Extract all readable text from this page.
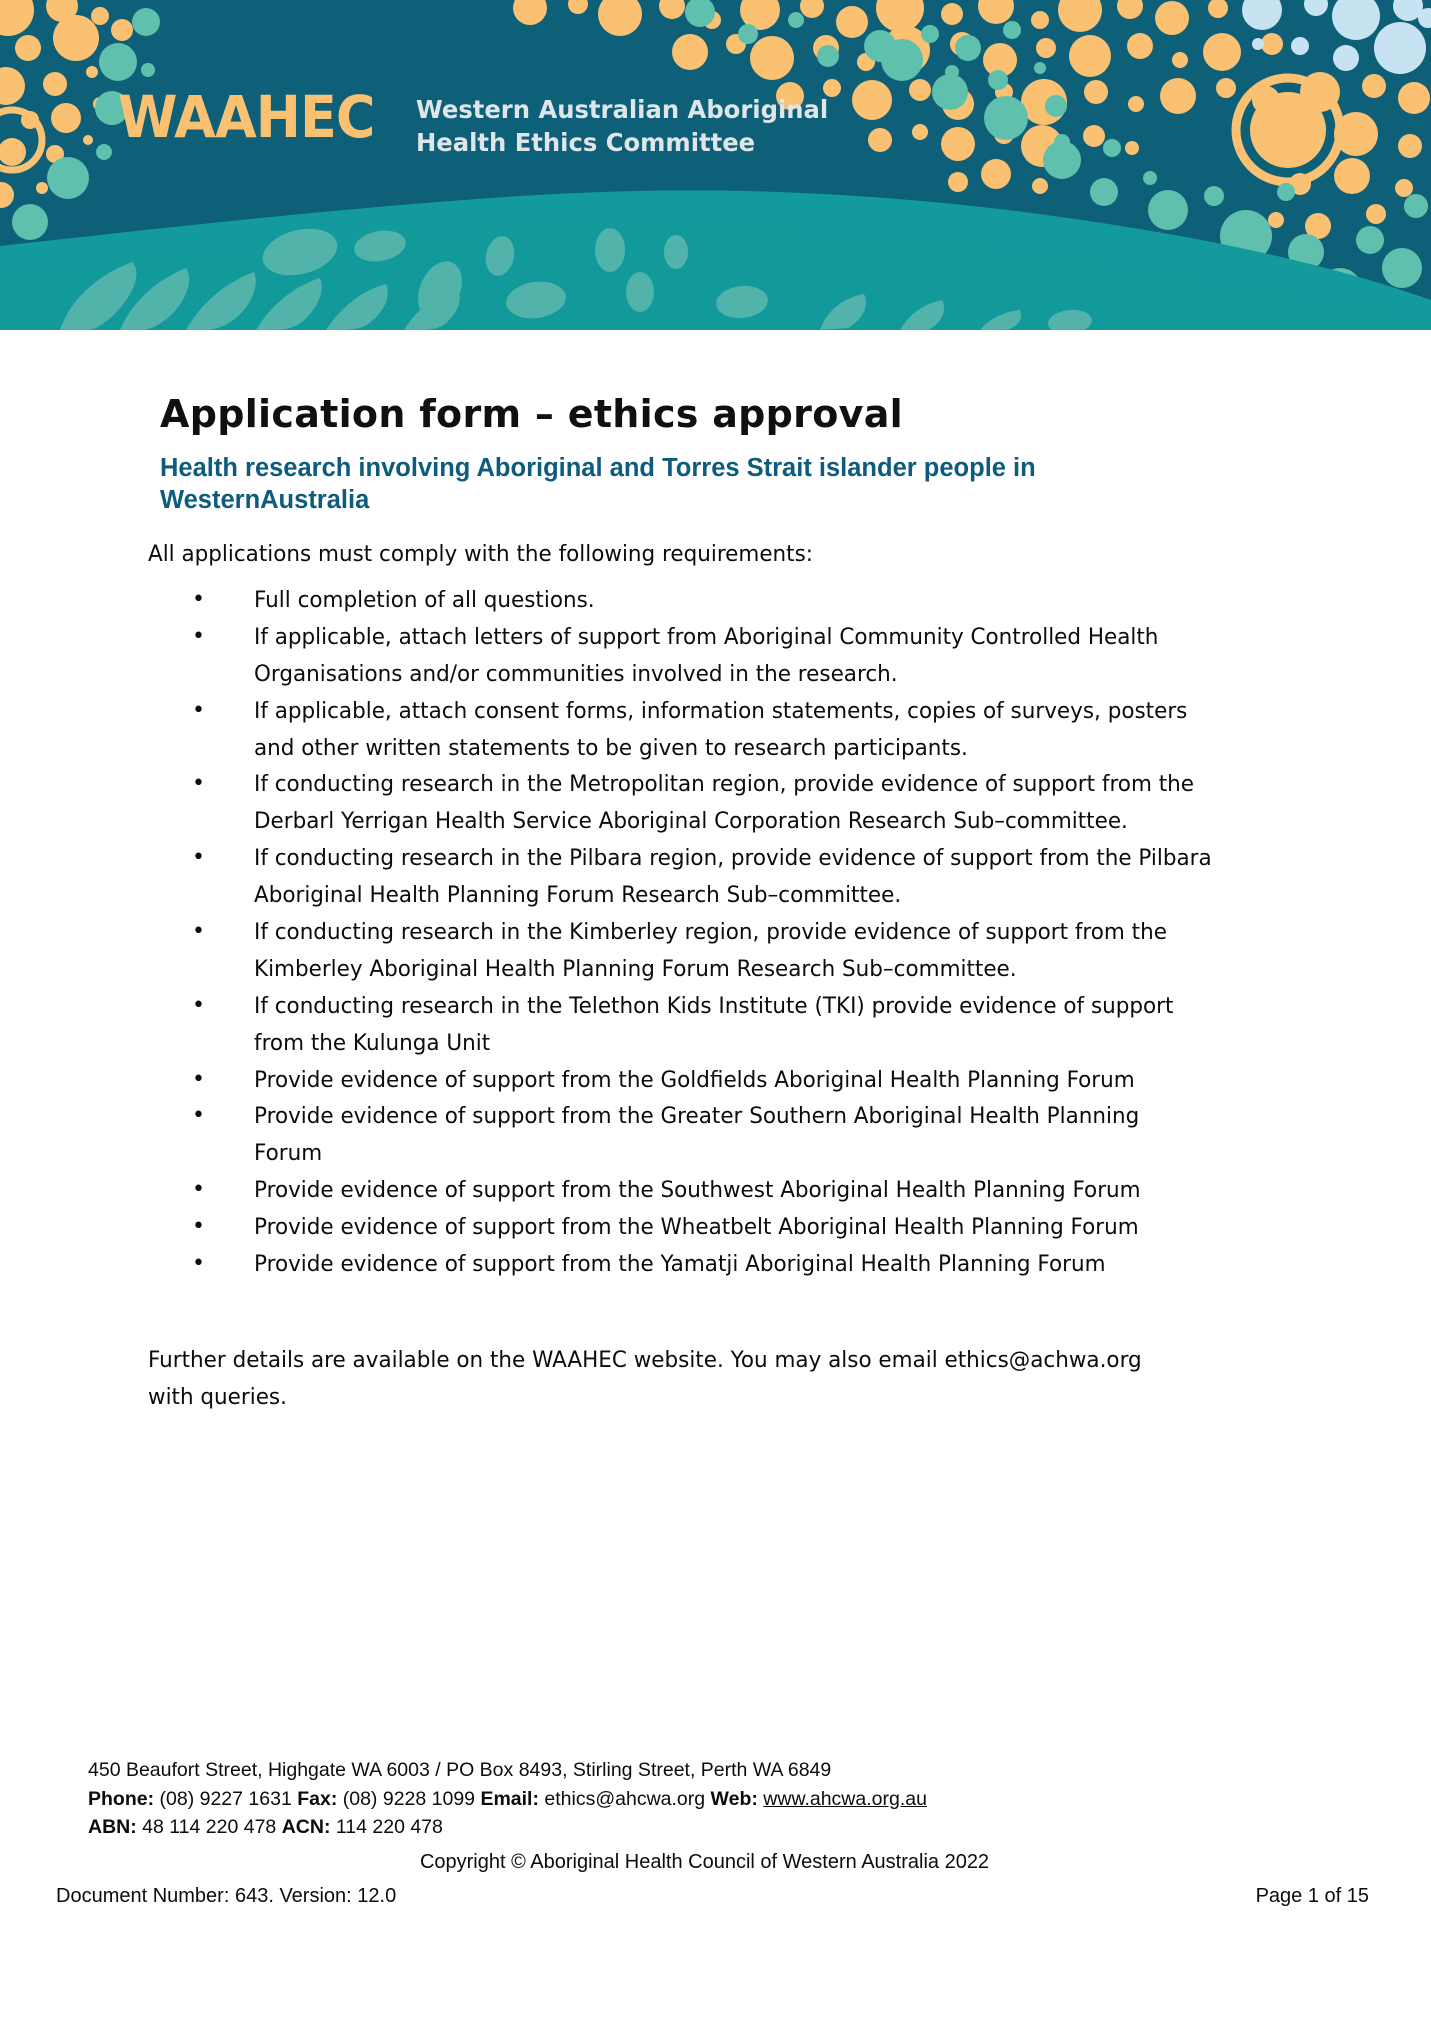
WAAHEC Western Australian Aboriginal
Health Ethics Committee
Application form – ethics approval
Health research involving Aboriginal and Torres Strait islander people in WesternAustralia

All applications must comply with the following requirements:

•	Full completion of all questions.
•	If applicable, attach letters of support from Aboriginal Community Controlled Health Organisations and/or communities involved in the research.
•	If applicable, attach consent forms, information statements, copies of surveys, posters and other written statements to be given to research participants.
•	If conducting research in the Metropolitan region, provide evidence of support from the Derbarl Yerrigan Health Service Aboriginal Corporation Research Sub–committee.
•	If conducting research in the Pilbara region, provide evidence of support from the Pilbara Aboriginal Health Planning Forum Research Sub–committee.
•	If conducting research in the Kimberley region, provide evidence of support from the Kimberley Aboriginal Health Planning Forum Research Sub–committee.
•	If conducting research in the Telethon Kids Institute (TKI) provide evidence of support from the Kulunga Unit
•	Provide evidence of support from the Goldfields Aboriginal Health Planning Forum
•	Provide evidence of support from the Greater Southern Aboriginal Health Planning Forum
•	Provide evidence of support from the Southwest Aboriginal Health Planning Forum
•	Provide evidence of support from the Wheatbelt Aboriginal Health Planning Forum
•	Provide evidence of support from the Yamatji Aboriginal Health Planning Forum

Further details are available on the WAAHEC website. You may also email ethics@achwa.org with queries.

450 Beaufort Street, Highgate WA 6003 / PO Box 8493, Stirling Street, Perth WA 6849
Phone: (08) 9227 1631 Fax: (08) 9228 1099 Email: ethics@ahcwa.org Web: www.ahcwa.org.au
ABN: 48 114 220 478 ACN: 114 220 478
Copyright © Aboriginal Health Council of Western Australia 2022
Document Number: 643. Version: 12.0	Page 1 of 15
